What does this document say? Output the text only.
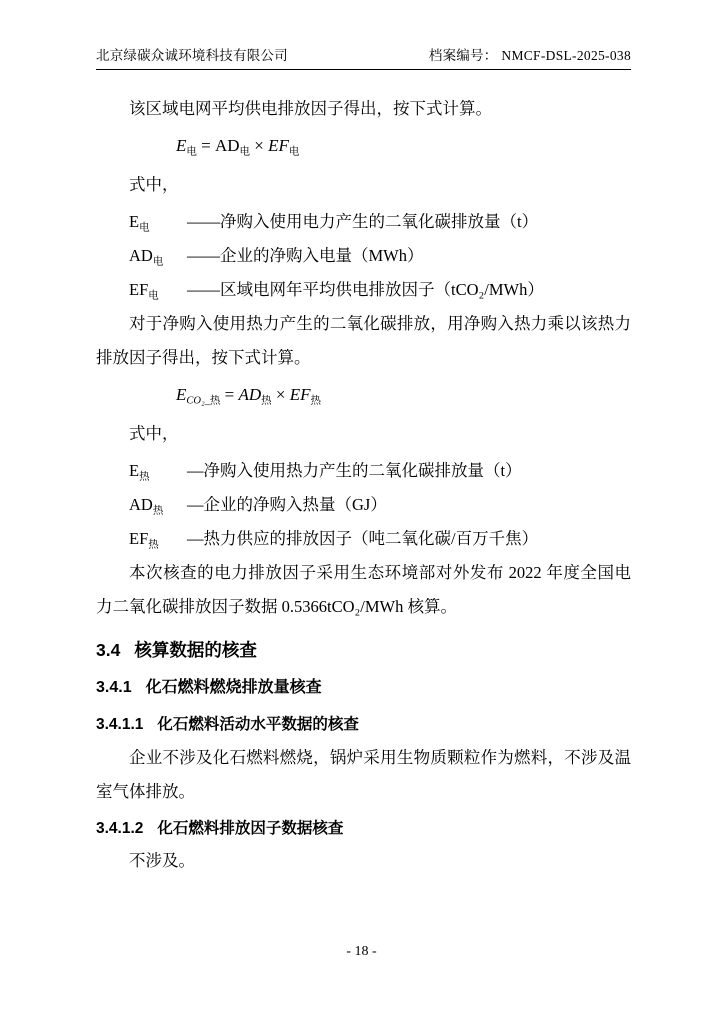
北京绿碳众诚环境科技有限公司	档案编号： NMCF-DSL-2025-038

该区域电网平均供电排放因子得出，按下式计算。

$E_电 = AD_电 \times EF_电$

式中，

$E_电$	—— 净购入使用电力产生的二氧化碳排放量（t）
$AD_电$	—— 企业的净购入电量（MWh）
$EF_电$	—— 区域电网年平均供电排放因子（tCO₂/MWh）

对于净购入使用热力产生的二氧化碳排放，用净购入热力乘以该热力排放因子得出，按下式计算。

$E_{CO_2\_热} = AD_热 \times EF_热$

式中，

$E_热$	— 净购入使用热力产生的二氧化碳排放量（t）
$AD_热$	— 企业的净购入热量（GJ）
$EF_热$	— 热力供应的排放因子（吨二氧化碳/百万千焦）

本次核查的电力排放因子采用生态环境部对外发布 2022 年度全国电力二氧化碳排放因子数据 0.5366tCO₂/MWh 核算。

3.4 核算数据的核查
3.4.1 化石燃料燃烧排放量核查
3.4.1.1 化石燃料活动水平数据的核查

企业不涉及化石燃料燃烧，锅炉采用生物质颗粒作为燃料，不涉及温室气体排放。

3.4.1.2 化石燃料排放因子数据核查

不涉及。

- 18 -
